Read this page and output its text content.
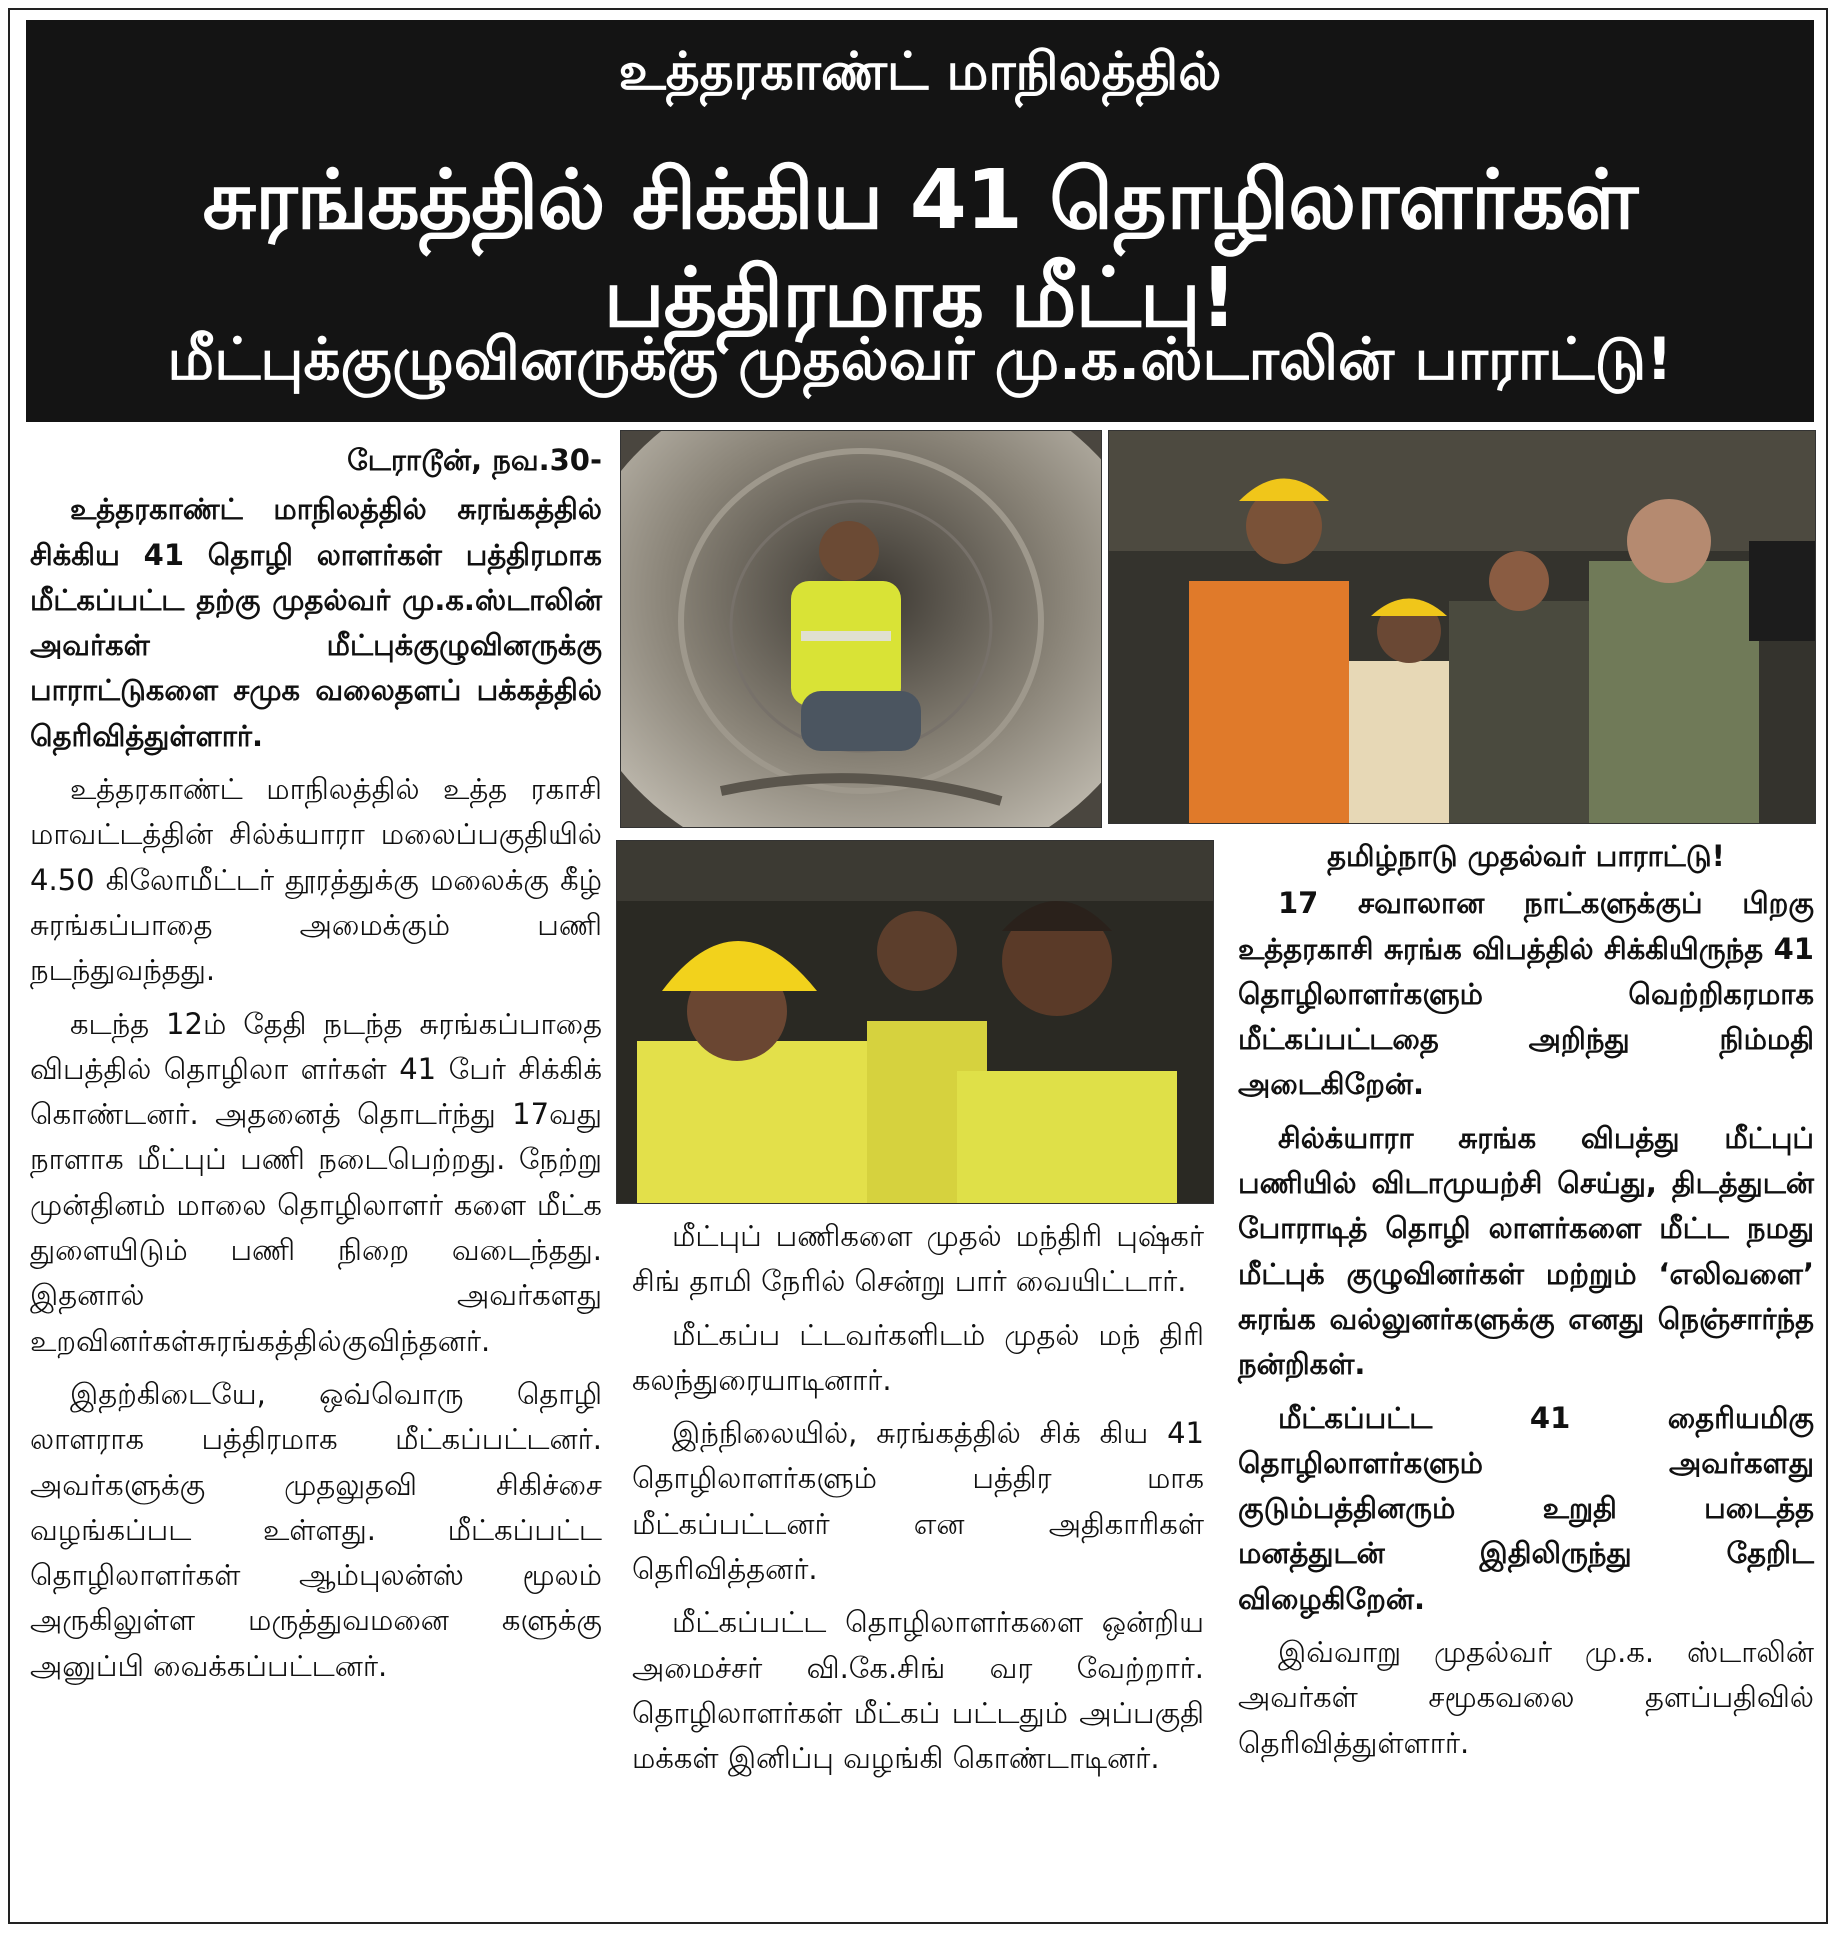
உத்தரகாண்ட் மாநிலத்தில்
சுரங்கத்தில் சிக்கிய 41 தொழிலாளர்கள் பத்திரமாக மீட்பு!
மீட்புக்குழுவினருக்கு முதல்வர் மு.க.ஸ்டாலின் பாராட்டு!
டேராடூன், நவ.30-

உத்தரகாண்ட் மாநிலத்தில் சுரங்கத்தில் சிக்கிய 41 தொழி லாளர்கள் பத்திரமாக மீட்கப்பட்ட தற்கு முதல்வர் மு.க.ஸ்டாலின் அவர்கள் மீட்புக்குழுவினருக்கு பாராட்டுகளை சமுக வலைதளப் பக்கத்தில் தெரிவித்துள்ளார்.

உத்தரகாண்ட் மாநிலத்தில் உத்த ரகாசி மாவட்டத்தின் சில்க்யாரா மலைப்பகுதியில் 4.50 கிலோமீட்டர் தூரத்துக்கு மலைக்கு கீழ் சுரங்கப்பாதை அமைக்கும் பணி நடந்துவந்தது.

கடந்த 12ம் தேதி நடந்த சுரங்கப்பாதை விபத்தில் தொழிலா ளர்கள் 41 பேர் சிக்கிக் கொண்டனர். அதனைத் தொடர்ந்து 17வது நாளாக மீட்புப் பணி நடைபெற்றது. நேற்று முன்தினம் மாலை தொழிலாளர் களை மீட்க துளையிடும் பணி நிறை வடைந்தது. இதனால் அவர்களது உறவினர்கள்சுரங்கத்தில்குவிந்தனர்.

இதற்கிடையே, ஒவ்வொரு தொழி லாளராக பத்திரமாக மீட்கப்பட்டனர். அவர்களுக்கு முதலுதவி சிகிச்சை வழங்கப்பட உள்ளது. மீட்கப்பட்ட தொழிலாளர்கள் ஆம்புலன்ஸ் மூலம் அருகிலுள்ள மருத்துவமனை களுக்கு அனுப்பி வைக்கப்பட்டனர்.

மீட்புப் பணிகளை முதல் மந்திரி புஷ்கர் சிங் தாமி நேரில் சென்று பார் வையிட்டார்.

மீட்கப்ப ட்டவர்களிடம் முதல் மந் திரி கலந்துரையாடினார்.

இந்நிலையில், சுரங்கத்தில் சிக் கிய 41 தொழிலாளர்களும் பத்திர மாக மீட்கப்பட்டனர் என அதிகாரிகள் தெரிவித்தனர்.

மீட்கப்பட்ட தொழிலாளர்களை ஒன்றிய அமைச்சர் வி.கே.சிங் வர வேற்றார். தொழிலாளர்கள் மீட்கப் பட்டதும் அப்பகுதி மக்கள் இனிப்பு வழங்கி கொண்டாடினர்.

தமிழ்நாடு முதல்வர் பாராட்டு!

17 சவாலான நாட்களுக்குப் பிறகு உத்தரகாசி சுரங்க விபத்தில் சிக்கியிருந்த 41 தொழிலாளர்களும் வெற்றிகரமாக மீட்கப்பட்டதை அறிந்து நிம்மதி அடைகிறேன்.

சில்க்யாரா சுரங்க விபத்து மீட்புப் பணியில் விடாமுயற்சி செய்து, திடத்துடன் போராடித் தொழி லாளர்களை மீட்ட நமது மீட்புக் குழுவினர்கள் மற்றும் ‘எலிவளை’ சுரங்க வல்லுனர்களுக்கு எனது நெஞ்சார்ந்த நன்றிகள்.

மீட்கப்பட்ட 41 தைரியமிகு தொழிலாளர்களும் அவர்களது குடும்பத்தினரும் உறுதி படைத்த மனத்துடன் இதிலிருந்து தேறிட விழைகிறேன்.

இவ்வாறு முதல்வர் மு.க. ஸ்டாலின் அவர்கள் சமூகவலை தளப்பதிவில் தெரிவித்துள்ளார்.
